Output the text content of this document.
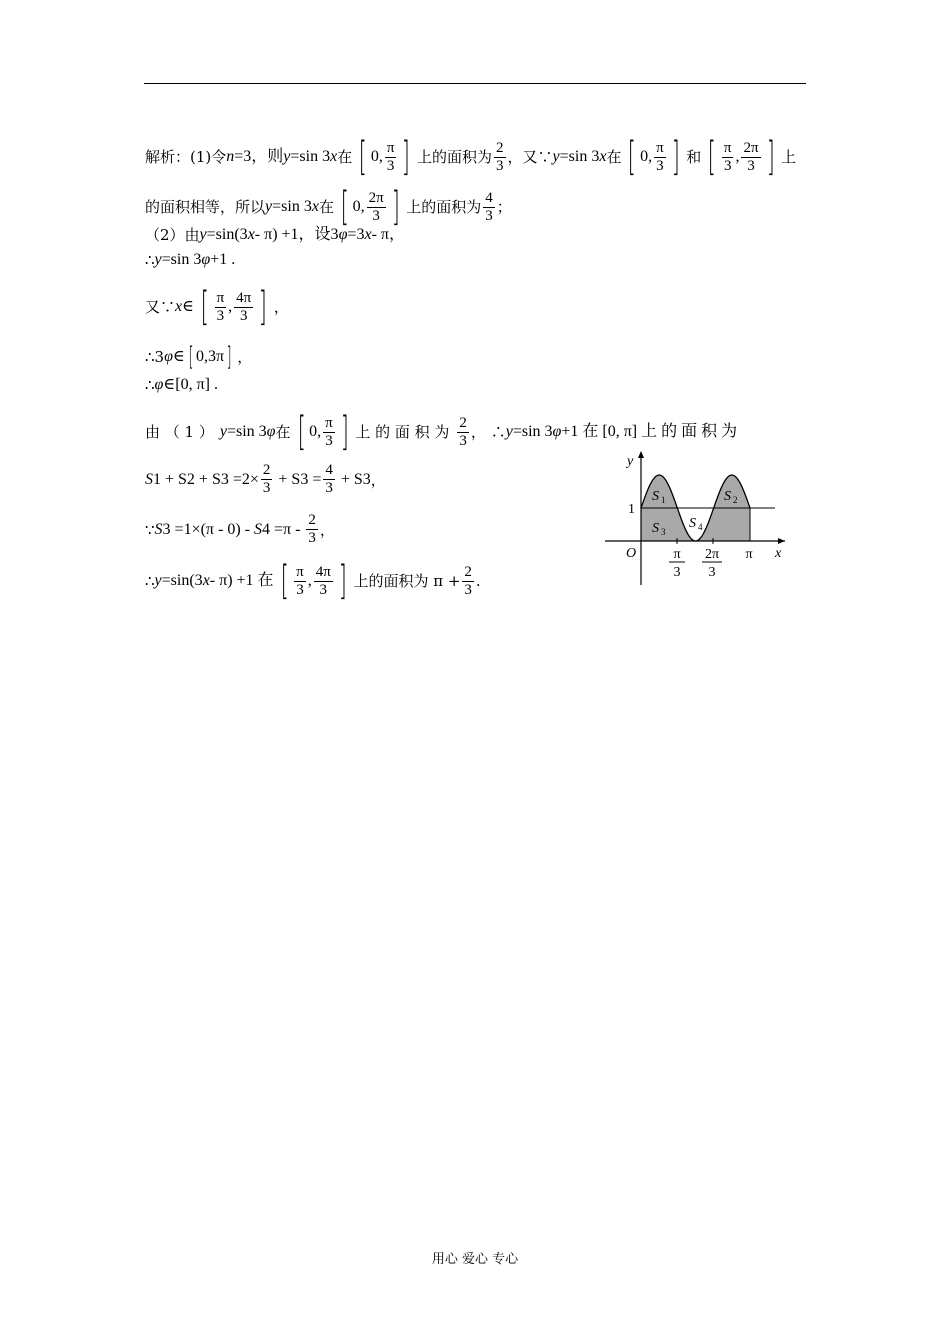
解析：(1)令 n =3，则 y =sin 3 x 在 [ 0, $\frac{\pi}{3}$ ] 上的面积为 $\frac{2}{3}$ ，又∵ y =sin 3 x 在 [ 0, $\frac{\pi}{3}$ ] 和 [ $\frac{\pi}{3}$ , $\frac{2\pi}{3}$ ] 上
的面积相等，所以 y =sin 3 x 在 [ 0, $\frac{2\pi}{3}$ ] 上的面积为 $\frac{4}{3}$ ；
（2）由 y =sin(3 x - π) +1，设3 φ =3 x - π，
∴ y =sin 3 φ +1 .
又∵ x ∈ [ $\frac{\pi}{3}$ , $\frac{4\pi}{3}$ ] ，
∴3 φ ∈ [ 0,3π ] ，
∴ φ ∈[0, π] .
由 （ 1 ） y =sin 3 φ 在 [ 0, $\frac{\pi}{3}$ ] 上 的 面 积 为 $\frac{2}{3}$ ， ∴ y =sin 3 φ +1 在 [0, π] 上 的 面 积 为
S 1 + S 2 + S $3 =2\times \frac{2}{3} + S$ $3 = \frac{4}{3} + S$ 3 ，
∵ S 3 =1×(π - 0) - S $4 =\pi - \frac{2}{3}$ ，
∴ y =sin(3 x - π) +1 在 [ $\frac{\pi}{3}$ , $\frac{4\pi}{3}$ ] 上的面积为 $\pi + \frac{2}{3}$ .
y
x
O
1
S 1	S 2
S 3
S 4
π
3
2π
3
π
用心 爱心 专心
